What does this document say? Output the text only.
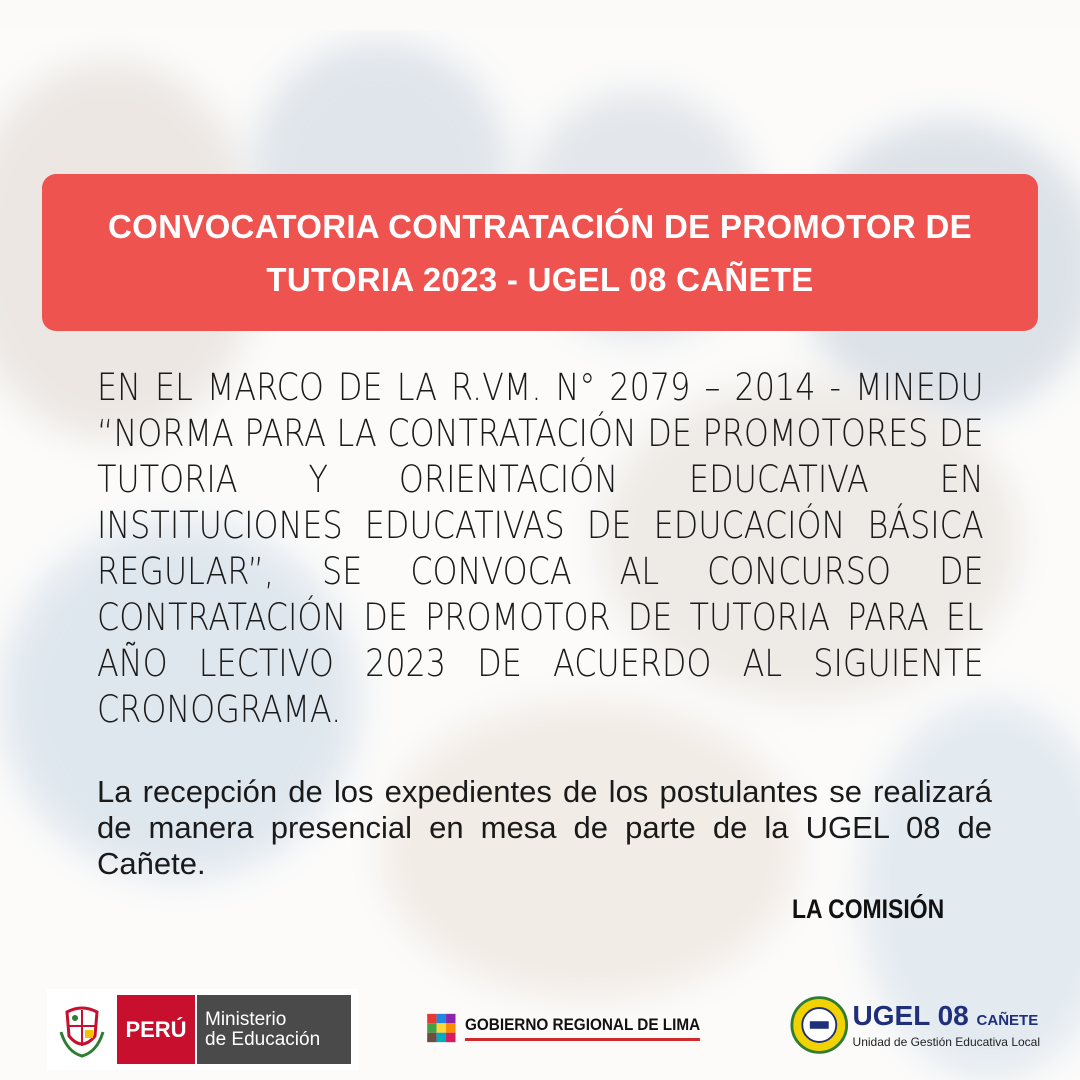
CONVOCATORIA CONTRATACIÓN DE PROMOTOR DE TUTORIA 2023 - UGEL 08 CAÑETE
EN EL MARCO DE LA R.VM. N° 2079 – 2014 - MINEDU “NORMA PARA LA CONTRATACIÓN DE PROMOTORES DE TUTORIA Y ORIENTACIÓN EDUCATIVA EN INSTITUCIONES EDUCATIVAS DE EDUCACIÓN BÁSICA REGULAR”, SE CONVOCA AL CONCURSO DE CONTRATACIÓN DE PROMOTOR DE TUTORIA PARA EL AÑO LECTIVO 2023 DE ACUERDO AL SIGUIENTE CRONOGRAMA.
La recepción de los expedientes de los postulantes se realizará de manera presencial en mesa de parte de la UGEL 08 de Cañete.
LA COMISIÓN
PERÚ Ministerio
de Educación
GOBIERNO REGIONAL DE LIMA	UGEL 08 CAÑETE
Unidad de Gestión Educativa Local
